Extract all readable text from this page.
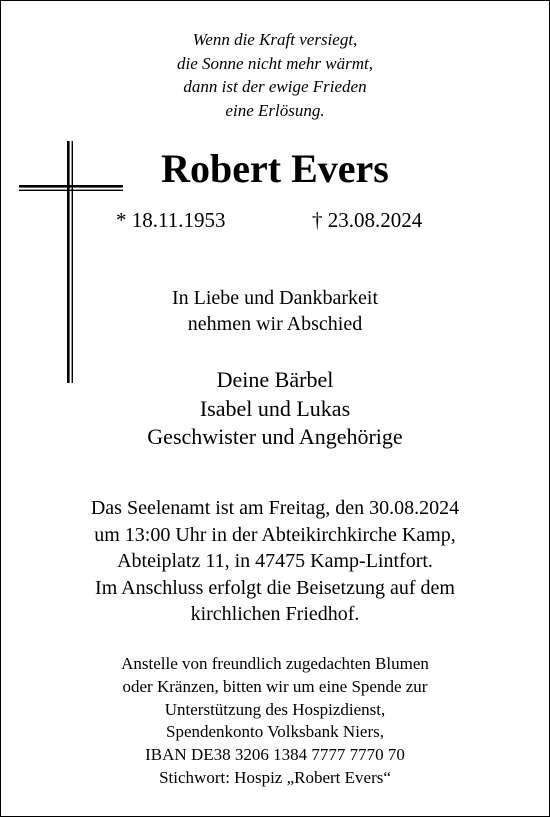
Wenn die Kraft versiegt,
die Sonne nicht mehr wärmt,
dann ist der ewige Frieden
eine Erlösung.
Robert Evers
* 18.11.1953	† 23.08.2024
In Liebe und Dankbarkeit
nehmen wir Abschied
Deine Bärbel
Isabel und Lukas
Geschwister und Angehörige
Das Seelenamt ist am Freitag, den 30.08.2024
um 13:00 Uhr in der Abteikirchkirche Kamp,
Abteiplatz 11, in 47475 Kamp-Lintfort.
Im Anschluss erfolgt die Beisetzung auf dem
kirchlichen Friedhof.
Anstelle von freundlich zugedachten Blumen
oder Kränzen, bitten wir um eine Spende zur
Unterstützung des Hospizdienst,
Spendenkonto Volksbank Niers,
IBAN DE38 3206 1384 7777 7770 70
Stichwort: Hospiz „Robert Evers“
